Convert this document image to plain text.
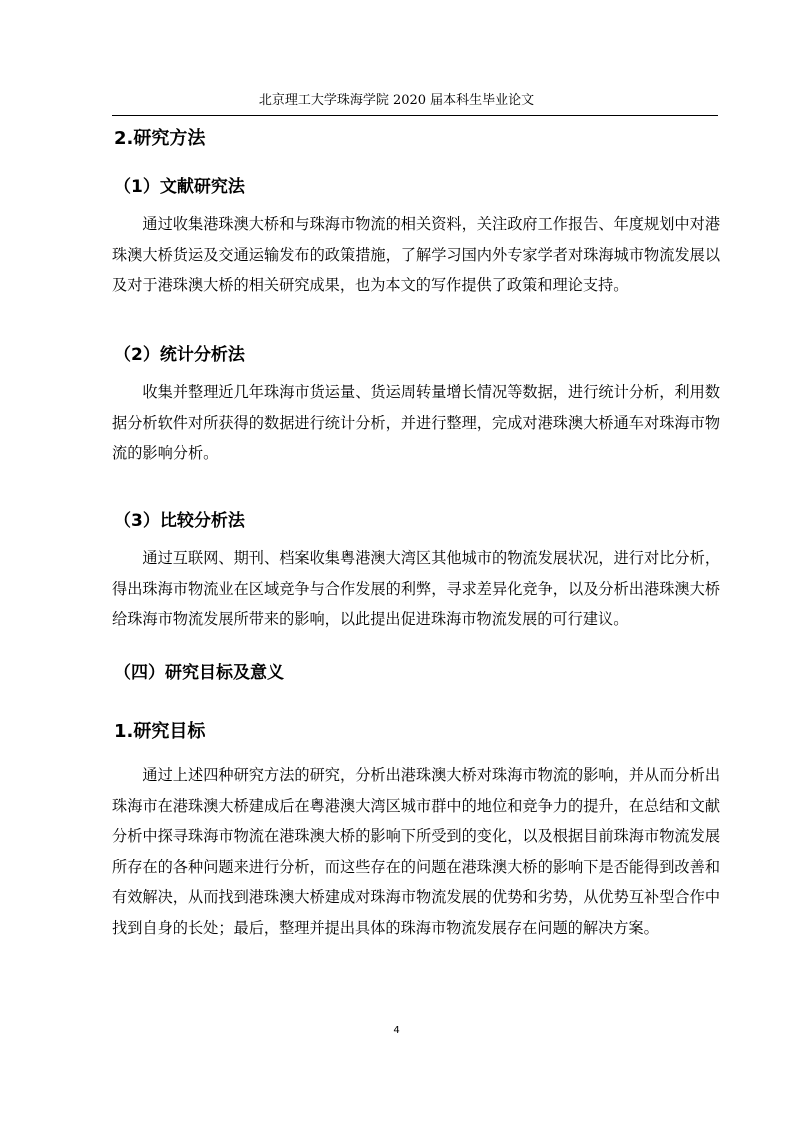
北京理工大学珠海学院 2020 届本科生毕业论文
2.研究方法
（1）文献研究法

通过收集港珠澳大桥和与珠海市物流的相关资料，关注政府工作报告、年度规划中对港珠澳大桥货运及交通运输发布的政策措施，了解学习国内外专家学者对珠海城市物流发展以及对于港珠澳大桥的相关研究成果，也为本文的写作提供了政策和理论支持。

（2）统计分析法

收集并整理近几年珠海市货运量、货运周转量增长情况等数据，进行统计分析，利用数据分析软件对所获得的数据进行统计分析，并进行整理，完成对港珠澳大桥通车对珠海市物流的影响分析。

（3）比较分析法

通过互联网、期刊、档案收集粤港澳大湾区其他城市的物流发展状况，进行对比分析，得出珠海市物流业在区域竞争与合作发展的利弊，寻求差异化竞争，以及分析出港珠澳大桥给珠海市物流发展所带来的影响，以此提出促进珠海市物流发展的可行建议。

（四）研究目标及意义
1.研究目标

通过上述四种研究方法的研究，分析出港珠澳大桥对珠海市物流的影响，并从而分析出珠海市在港珠澳大桥建成后在粤港澳大湾区城市群中的地位和竞争力的提升，在总结和文献分析中探寻珠海市物流在港珠澳大桥的影响下所受到的变化，以及根据目前珠海市物流发展所存在的各种问题来进行分析，而这些存在的问题在港珠澳大桥的影响下是否能得到改善和有效解决，从而找到港珠澳大桥建成对珠海市物流发展的优势和劣势，从优势互补型合作中找到自身的长处；最后，整理并提出具体的珠海市物流发展存在问题的解决方案。

4
